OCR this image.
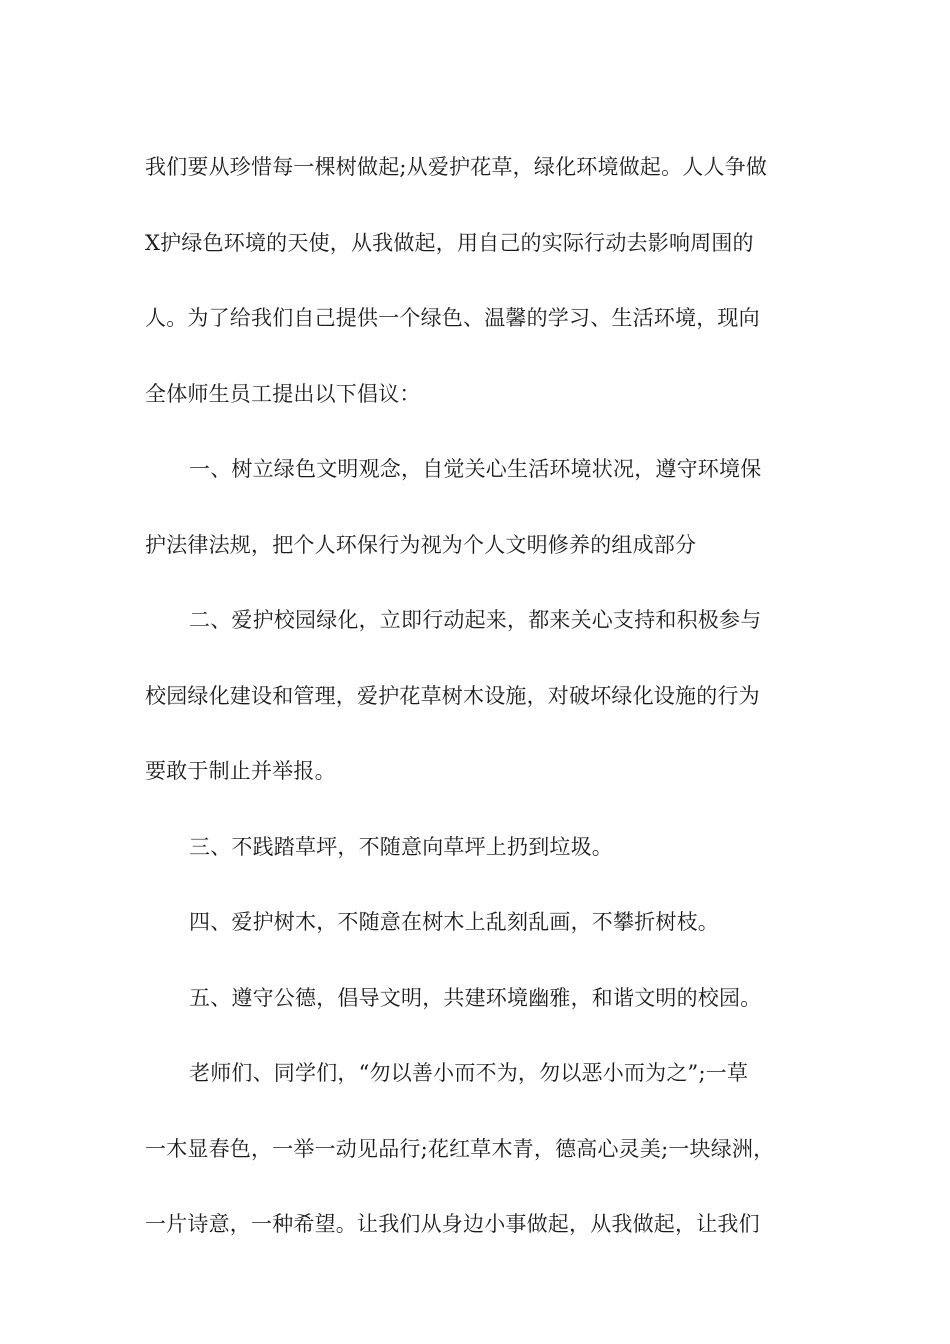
我们要从珍惜每一棵树做起;从爱护花草，绿化环境做起。人人争做
X护绿色环境的天使，从我做起，用自己的实际行动去影响周围的
人。为了给我们自己提供一个绿色、温馨的学习、生活环境，现向
全体师生员工提出以下倡议：
一、树立绿色文明观念，自觉关心生活环境状况，遵守环境保
护法律法规，把个人环保行为视为个人文明修养的组成部分
二、爱护校园绿化，立即行动起来，都来关心支持和积极参与
校园绿化建设和管理，爱护花草树木设施，对破坏绿化设施的行为
要敢于制止并举报。
三、不践踏草坪，不随意向草坪上扔到垃圾。
四、爱护树木，不随意在树木上乱刻乱画，不攀折树枝。
五、遵守公德，倡导文明，共建环境幽雅，和谐文明的校园。
老师们、同学们，“勿以善小而不为，勿以恶小而为之”;一草
一木显春色，一举一动见品行;花红草木青，德高心灵美;一块绿洲，
一片诗意，一种希望。让我们从身边小事做起，从我做起，让我们
